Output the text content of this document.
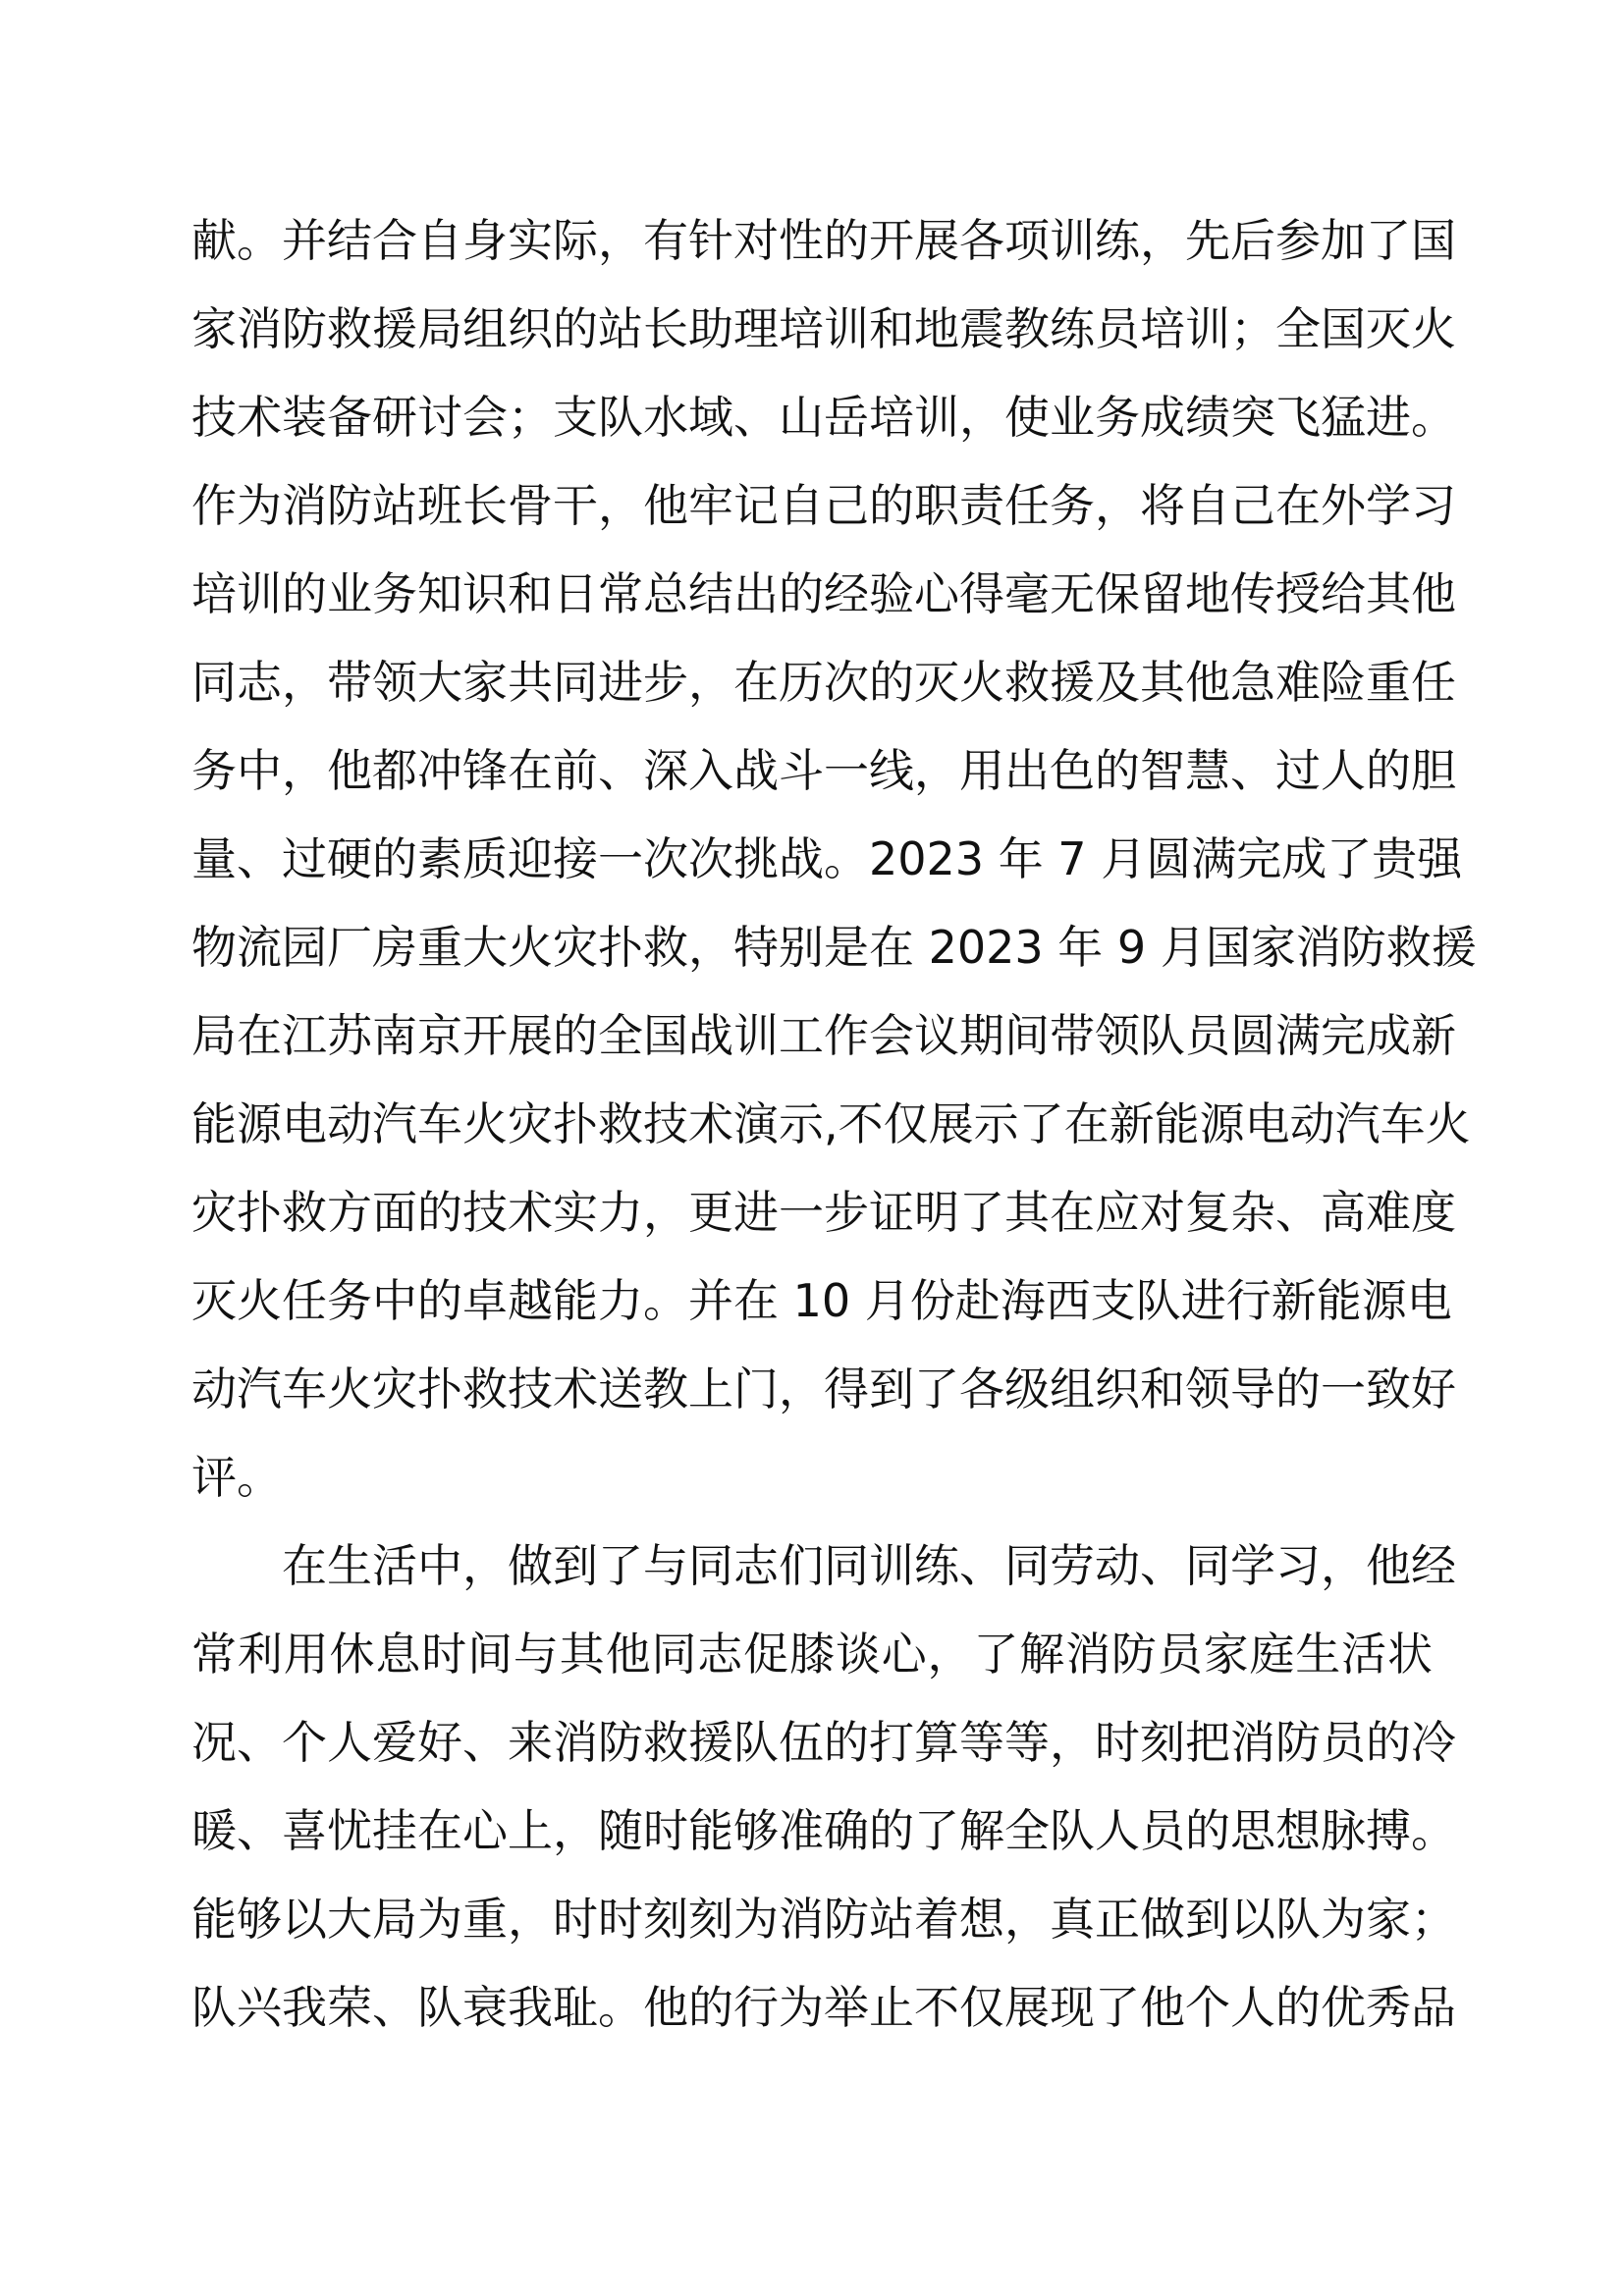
献。并结合自身实际，有针对性的开展各项训练，先后参加了国
家消防救援局组织的站长助理培训和地震教练员培训；全国灭火
技术装备研讨会；支队水域、山岳培训，使业务成绩突飞猛进。
作为消防站班长骨干，他牢记自己的职责任务，将自己在外学习
培训的业务知识和日常总结出的经验心得毫无保留地传授给其他
同志，带领大家共同进步，在历次的灭火救援及其他急难险重任
务中，他都冲锋在前、深入战斗一线，用出色的智慧、过人的胆
量、过硬的素质迎接一次次挑战。2023 年 7 月圆满完成了贵强
物流园厂房重大火灾扑救，特别是在 2023 年 9 月国家消防救援
局在江苏南京开展的全国战训工作会议期间带领队员圆满完成新
能源电动汽车火灾扑救技术演示,不仅展示了在新能源电动汽车火
灾扑救方面的技术实力，更进一步证明了其在应对复杂、高难度
灭火任务中的卓越能力。并在 10 月份赴海西支队进行新能源电
动汽车火灾扑救技术送教上门，得到了各级组织和领导的一致好
评。
　　在生活中，做到了与同志们同训练、同劳动、同学习，他经
常利用休息时间与其他同志促膝谈心，了解消防员家庭生活状
况、个人爱好、来消防救援队伍的打算等等，时刻把消防员的冷
暖、喜忧挂在心上，随时能够准确的了解全队人员的思想脉搏。
能够以大局为重，时时刻刻为消防站着想，真正做到以队为家；
队兴我荣、队衰我耻。他的行为举止不仅展现了他个人的优秀品
